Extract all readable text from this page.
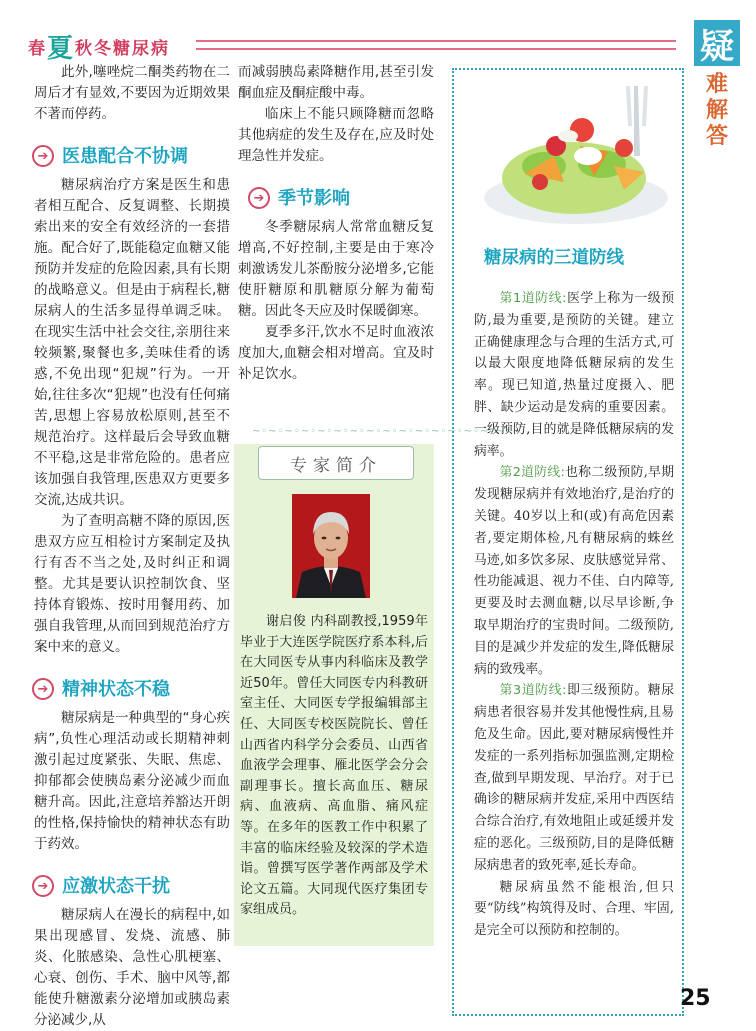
春夏秋冬糖尿病	疑
难解答

此外,噻唑烷二酮类药物在二周后才有显效,不要因为近期效果不著而停药。

➔ 医患配合不协调

糖尿病治疗方案是医生和患者相互配合、反复调整、长期摸索出来的安全有效经济的一套措施。配合好了,既能稳定血糖又能预防并发症的危险因素,具有长期的战略意义。但是由于病程长,糖尿病人的生活多显得单调乏味。在现实生活中社会交往,亲朋往来较频繁,聚餐也多,美味佳肴的诱惑,不免出现“犯规”行为。一开始,往往多次“犯规”也没有任何痛苦,思想上容易放松原则,甚至不规范治疗。这样最后会导致血糖不平稳,这是非常危险的。患者应该加强自我管理,医患双方更要多交流,达成共识。

为了查明高糖不降的原因,医患双方应互相检讨方案制定及执行有否不当之处,及时纠正和调整。尤其是要认识控制饮食、坚持体育锻炼、按时用餐用药、加强自我管理,从而回到规范治疗方案中来的意义。

➔ 精神状态不稳

糖尿病是一种典型的“身心疾病”,负性心理活动或长期精神刺激引起过度紧张、失眠、焦虑、抑郁都会使胰岛素分泌减少而血糖升高。因此,注意培养豁达开朗的性格,保持愉快的精神状态有助于药效。

➔ 应激状态干扰

糖尿病人在漫长的病程中,如果出现感冒、发烧、流感、肺炎、化脓感染、急性心肌梗塞、心衰、创伤、手术、脑中风等,都能使升糖激素分泌增加或胰岛素分泌减少,从

而减弱胰岛素降糖作用,甚至引发酮血症及酮症酸中毒。

临床上不能只顾降糖而忽略其他病症的发生及存在,应及时处理急性并发症。

➔ 季节影响

冬季糖尿病人常常血糖反复增高,不好控制,主要是由于寒冷刺激诱发儿茶酚胺分泌增多,它能使肝糖原和肌糖原分解为葡萄糖。因此冬天应及时保暖御寒。

夏季多汗,饮水不足时血液浓度加大,血糖会相对增高。宜及时补足饮水。

~◦~◦~◦~◦~◦~◦~◦~◦~◦~◦~◦~◦~◦~◦~◦~◦~
专家简介

谢启俊 内科副教授,1959年毕业于大连医学院医疗系本科,后在大同医专从事内科临床及教学近50年。曾任大同医专内科教研室主任、大同医专学报编辑部主任、大同医专校医院院长、曾任山西省内科学分会委员、山西省血液学会理事、雁北医学会分会副理事长。擅长高血压、糖尿病、血液病、高血脂、痛风症等。在多年的医教工作中积累了丰富的临床经验及较深的学术造诣。曾撰写医学著作两部及学术论文五篇。大同现代医疗集团专家组成员。

糖尿病的三道防线

第1道防线:医学上称为一级预防,最为重要,是预防的关键。建立正确健康理念与合理的生活方式,可以最大限度地降低糖尿病的发生率。现已知道,热量过度摄入、肥胖、缺少运动是发病的重要因素。一级预防,目的就是降低糖尿病的发病率。

第2道防线:也称二级预防,早期发现糖尿病并有效地治疗,是治疗的关键。40岁以上和(或)有高危因素者,要定期体检,凡有糖尿病的蛛丝马迹,如多饮多尿、皮肤感觉异常、性功能减退、视力不佳、白内障等,更要及时去测血糖,以尽早诊断,争取早期治疗的宝贵时间。二级预防,目的是减少并发症的发生,降低糖尿病的致残率。

第3道防线:即三级预防。糖尿病患者很容易并发其他慢性病,且易危及生命。因此,要对糖尿病慢性并发症的一系列指标加强监测,定期检查,做到早期发现、早治疗。对于已确诊的糖尿病并发症,采用中西医结合综合治疗,有效地阻止或延缓并发症的恶化。三级预防,目的是降低糖尿病患者的致死率,延长寿命。

糖尿病虽然不能根治,但只要“防线”构筑得及时、合理、牢固,是完全可以预防和控制的。

25
